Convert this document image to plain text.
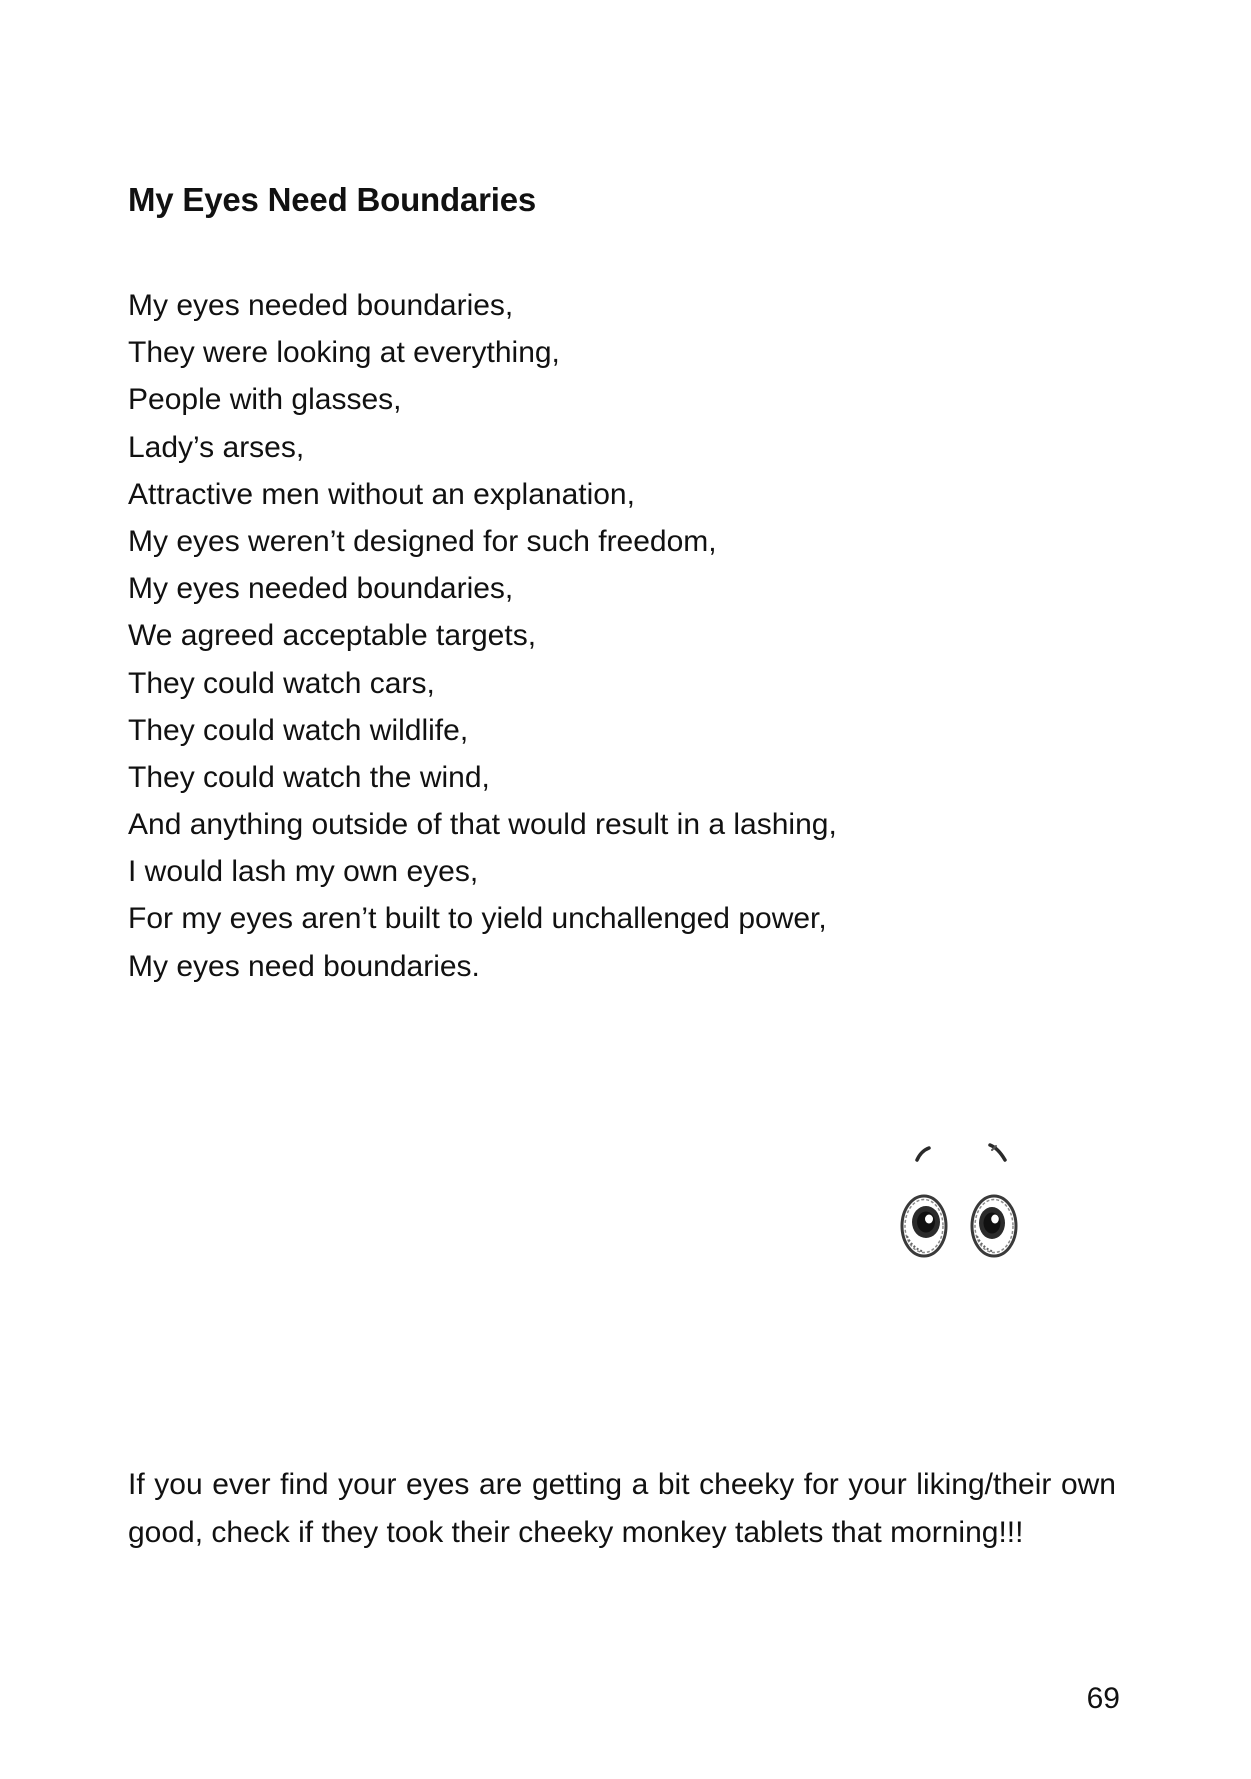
My Eyes Need Boundaries
My eyes needed boundaries,
They were looking at everything,
People with glasses,
Lady’s arses,
Attractive men without an explanation,
My eyes weren’t designed for such freedom,
My eyes needed boundaries,
We agreed acceptable targets,
They could watch cars,
They could watch wildlife,
They could watch the wind,
And anything outside of that would result in a lashing,
I would lash my own eyes,
For my eyes aren’t built to yield unchallenged power,
My eyes need boundaries.

If you ever find your eyes are getting a bit cheeky for your liking/their own good, check if they took their cheeky monkey tablets that morning!!!

69
